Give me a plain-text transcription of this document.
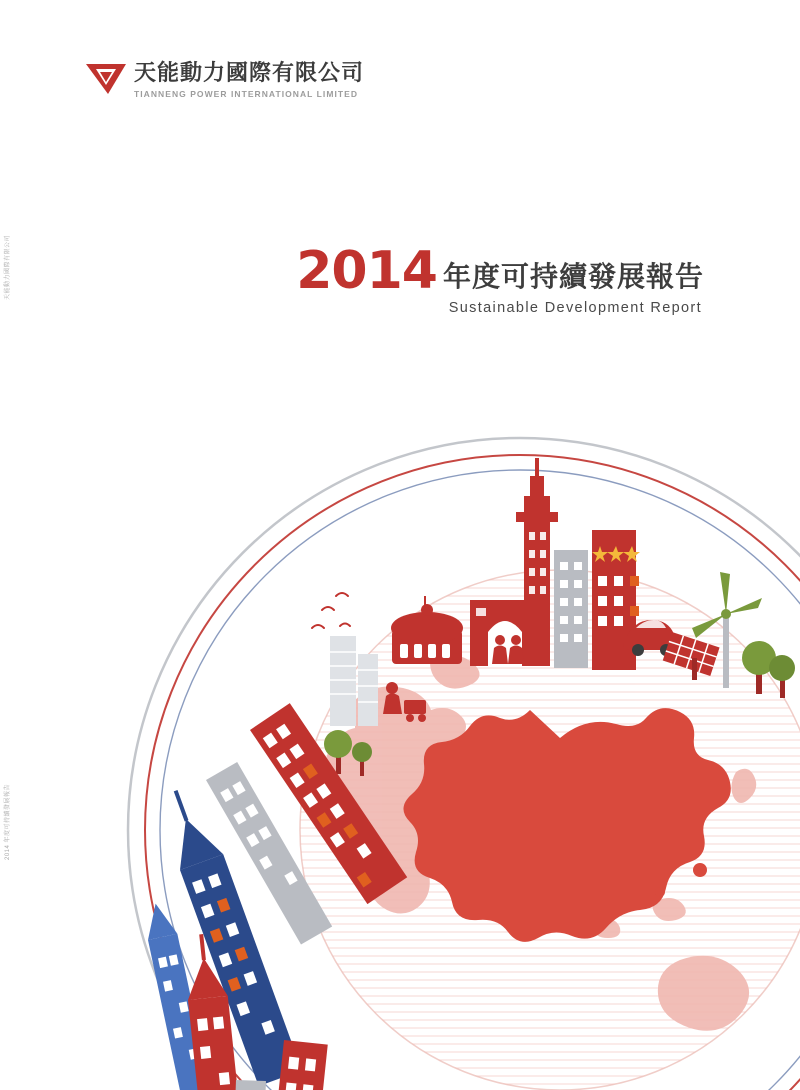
天能動力國際有限公司
2014 年度可持續發展報告
天能動力國際有限公司
TIANNENG POWER INTERNATIONAL LIMITED
2014 年度可持續發展報告
Sustainable Development Report
